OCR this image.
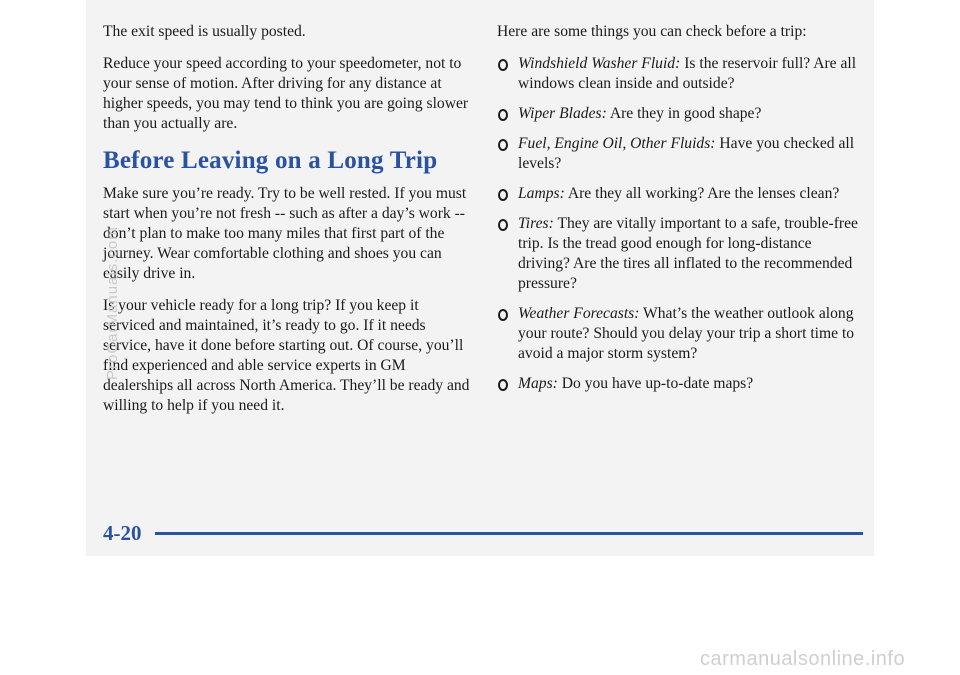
The exit speed is usually posted.

Reduce your speed according to your speedometer, not to your sense of motion. After driving for any distance at higher speeds, you may tend to think you are going slower than you actually are.

Before Leaving on a Long Trip

Make sure you’re ready. Try to be well rested. If you must start when you’re not fresh -- such as after a day’s work -- don’t plan to make too many miles that first part of the journey. Wear comfortable clothing and shoes you can easily drive in.

Is your vehicle ready for a long trip? If you keep it serviced and maintained, it’s ready to go. If it needs service, have it done before starting out. Of course, you’ll find experienced and able service experts in GM dealerships all across North America. They’ll be ready and willing to help if you need it.

Here are some things you can check before a trip:

Windshield Washer Fluid: Is the reservoir full? Are all windows clean inside and outside?
Wiper Blades: Are they in good shape?
Fuel, Engine Oil, Other Fluids: Have you checked all levels?
Lamps: Are they all working? Are the lenses clean?
Tires: They are vitally important to a safe, trouble-free trip. Is the tread good enough for long-distance driving? Are the tires all inflated to the recommended pressure?
Weather Forecasts: What’s the weather outlook along your route? Should you delay your trip a short time to avoid a major storm system?
Maps: Do you have up-to-date maps?
4-20
ProCarManuals.com
carmanualsonline.info
